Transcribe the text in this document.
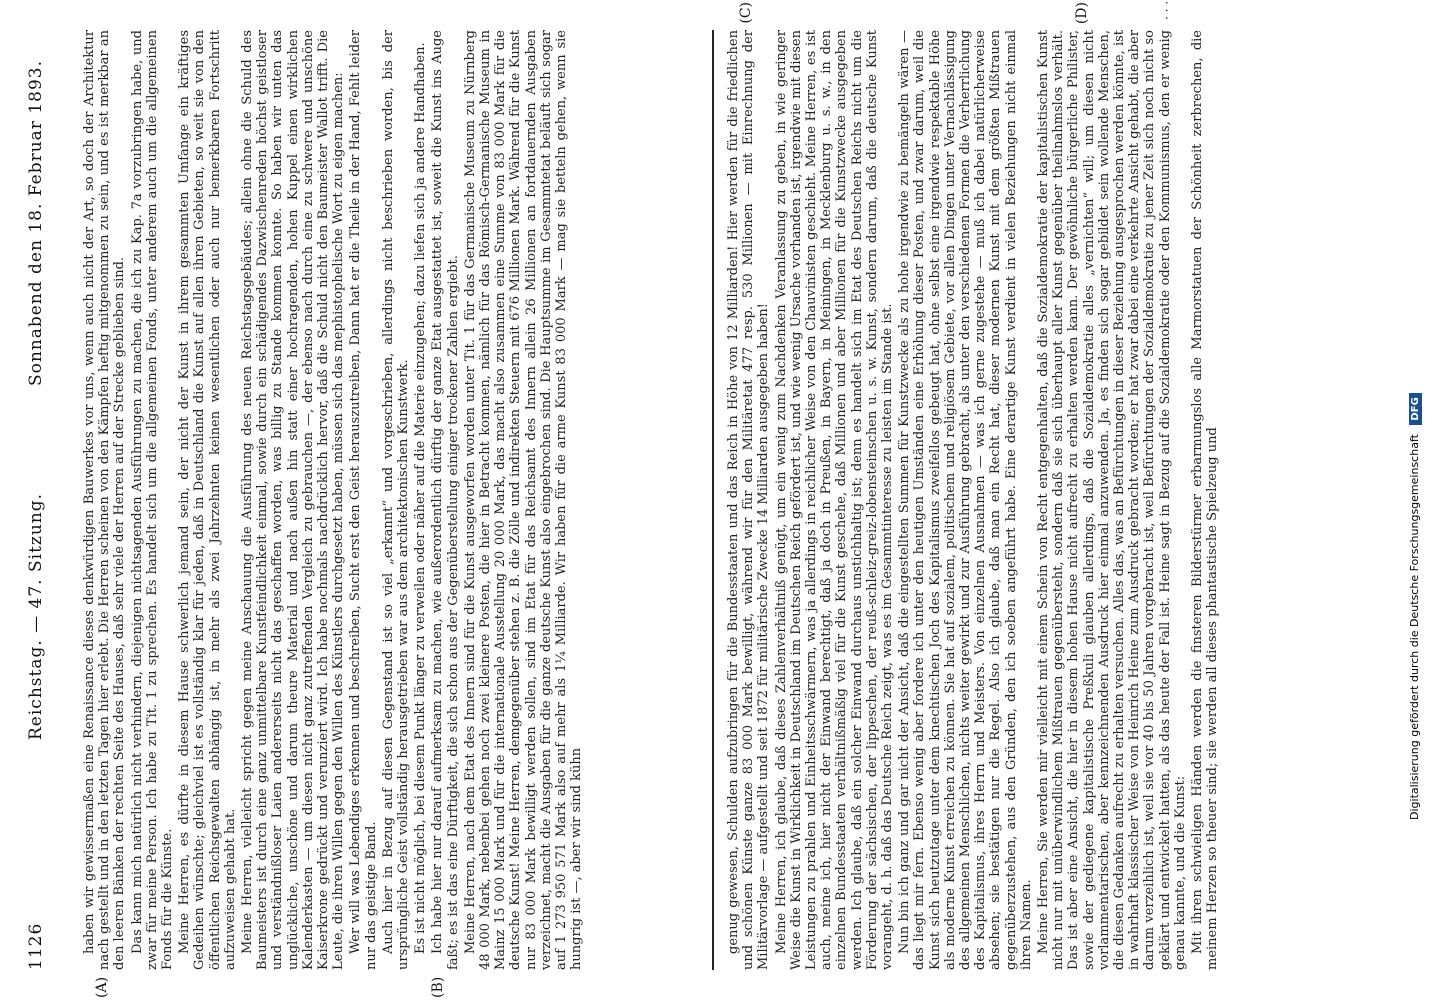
1126
Reichstag. — 47. Sitzung.
Sonnabend den 18. Februar 1893.
(A)	(B)
(C)	(D)

haben wir gewissermaßen eine Renaissance dieses denkwürdigen Bauwerkes vor uns, wenn auch nicht der Art, so doch der Architektur nach gestellt und in den letzten Tagen hier erlebt. Die Herren scheinen von den Kämpfen heftig mitgenommen zu sein, und es ist merkbar an den leeren Bänken der rechten Seite des Hauses, daß sehr viele der Herren auf der Strecke geblieben sind. Das kann mich natürlich nicht verhindern, diejenigen nichtsagenden Ausführungen zu machen, die ich zu Kap. 7a vorzubringen habe, und zwar für meine Person. Ich habe zu Tit. 1 zu sprechen. Es handelt sich um die allgemeinen Fonds, unter anderem auch um die allgemeinen Fonds für die Künste. Meine Herren, es dürfte in diesem Hause schwerlich jemand sein, der nicht der Kunst in ihrem gesammten Umfange ein kräftiges Gedeihen wünschte; gleichviel ist es vollständig klar für jeden, daß in Deutschland die Kunst auf allen ihren Gebieten, so weit sie von den öffentlichen Reichsgewalten abhängig ist, in mehr als zwei Jahrzehnten keinen wesentlichen oder auch nur bemerkbaren Fortschritt aufzuweisen gehabt hat. Meine Herren, vielleicht spricht gegen meine Anschauung die Ausführung des neuen Reichstagsgebäudes; allein ohne die Schuld des Baumeisters ist durch eine ganz unmittelbare Kunstfeindlichkeit einmal, sowie durch ein schädigendes Dazwischenreden höchst geistloser und verständnißloser Laien andererseits nicht das geschaffen worden, was billig zu Stande kommen konnte. So haben wir unten das unglückliche, unschöne und darum theure Material und nach außen hin statt einer hochragenden, hohen Kuppel einen wirklichen Kalenderkasten — um diesen nicht ganz zutreffenden Vergleich zu gebrauchen —, der ebenso nach durch eine zu schwere und unschöne Kaiserkrone gedrückt und verunziert wird. Ich habe nochmals nachdrücklich hervor, daß die Schuld nicht den Baumeister Wallot trifft. Die Leute, die ihren Willen gegen den Willen des Künstlers durchgesetzt haben, müssen sich das mephistophelische Wort zu eigen machen: Wer will was Lebendiges erkennen und beschreiben, Sucht erst den Geist herauszutreiben, Dann hat er die Theile in der Hand, Fehlt leider nur das geistige Band. Auch hier in Bezug auf diesen Gegenstand ist so viel „erkannt“ und vorgeschrieben, allerdings nicht beschrieben worden, bis der ursprüngliche Geist vollständig herausgetrieben war aus dem architektonischen Kunstwerk. Es ist nicht möglich, bei diesem Punkt länger zu verweilen oder näher auf die Materie einzugehen; dazu liefen sich ja andere Handhaben. Ich habe hier nur darauf aufmerksam zu machen, wie außerordentlich dürftig der ganze Etat ausgestattet ist, soweit die Kunst ins Auge faßt; es ist das eine Dürftigkeit, die sich schon aus der Gegenüberstellung einiger trockener Zahlen ergiebt. Meine Herren, nach dem Etat des Innern sind für die Kunst ausgeworfen worden unter Tit. 1 für das Germanische Museum zu Nürnberg 48 000 Mark, nebenbei gehen noch zwei kleinere Posten, die hier in Betracht kommen, nämlich für das Römisch-Germanische Museum in Mainz 15 000 Mark und für die internationale Ausstellung 20 000 Mark, das macht also zusammen eine Summe von 83 000 Mark für die deutsche Kunst! Meine Herren, demgegenüber stehen z. B. die Zölle und indirekten Steuern mit 676 Millionen Mark. Während für die Kunst nur 83 000 Mark bewilligt werden sollen, sind im Etat für das Reichsamt des Innern allein 26 Millionen an fortdauernden Ausgaben verzeichnet, macht die Ausgaben für die ganze deutsche Kunst also eingebrochen sind. Die Hauptsumme im Gesammtetat beläuft sich sogar auf 1 273 950 571 Mark also auf mehr als 1¼ Milliarde. Wir haben für die arme Kunst 83 000 Mark — mag sie betteln gehen, wenn sie hungrig ist —, aber wir sind kühn	genug gewesen, Schulden aufzubringen für die Bundesstaaten und das Reich in Höhe von 12 Milliarden! Hier werden für die friedlichen und schönen Künste ganze 83 000 Mark bewilligt, während wir für den Militäretat 477 resp. 530 Millionen — mit Einrechnung der Militärvorlage — aufgestellt und seit 1872 für militärische Zwecke 14 Milliarden ausgegeben haben! Meine Herren, ich glaube, daß dieses Zahlenverhältniß genügt, um ein wenig zum Nachdenken Veranlassung zu geben, in wie geringer Weise die Kunst in Wirklichkeit in Deutschland im Deutschen Reich gefördert ist, und wie wenig Ursache vorhanden ist, irgendwie mit diesen Leistungen zu prahlen und Einheitsschwärmern, was ja allerdings in reichlicher Weise von den Chauvinisten geschieht. Meine Herren, es ist auch, meine ich, hier nicht der Einwand berechtigt, daß ja doch in Preußen, in Bayern, in Meiningen, in Mecklenburg u. s. w., in den einzelnen Bundesstaaten verhältnißmäßig viel für die Kunst geschehe, daß Millionen und aber Millionen für die Kunstzwecke ausgegeben werden. Ich glaube, daß ein solcher Einwand durchaus unstichhaltig ist; denn es handelt sich im Etat des Deutschen Reichs nicht um die Förderung der sächsischen, der lippeschen, der reuß-schleiz-greiz-lobensteinschen u. s. w. Kunst, sondern darum, daß die deutsche Kunst vorangeht, d. h. daß das Deutsche Reich zeigt, was es im Gesammtinteresse zu leisten im Stande ist. Nun bin ich ganz und gar nicht der Ansicht, daß die eingestellten Summen für Kunstzwecke als zu hohe irgendwie zu bemängeln wären — das liegt mir fern. Ebenso wenig aber fordere ich unter den heutigen Umständen eine Erhöhung dieser Posten, und zwar darum, weil die Kunst sich heutzutage unter dem knechtischen Joch des Kapitalismus zweifellos gebeugt hat, ohne selbst eine irgendwie respektable Höhe als moderne Kunst erreichen zu können. Sie hat auf sozialem, politischem und religiösem Gebiete, vor allen Dingen unter Vernachlässigung des allgemeinen Menschlichen, nichts weiter gewirkt und zur Ausführung gebracht, als unter den verschiedenen Formen die Verherrlichung des Kapitalismus, ihres Herrn und Meisters. Von einzelnen Ausnahmen — was ich gerne zugestehe — muß ich dabei natürlicherweise absehen; sie bestätigen nur die Regel. Also ich glaube, daß man ein Recht hat, dieser modernen Kunst mit dem größten Mißtrauen gegenüberzustehen, aus den Gründen, den ich soeben angeführt habe. Eine derartige Kunst verdient in vielen Beziehungen nicht einmal ihren Namen. Meine Herren, Sie werden mir vielleicht mit einem Schein von Recht entgegenhalten, daß die Sozialdemokratie der kapitalistischen Kunst nicht nur mit unüberwindlichem Mißtrauen gegenübersteht, sondern daß sie sich überhaupt aller Kunst gegenüber theilnahmslos verhält. Das ist aber eine Ansicht, die hier in diesem hohen Hause nicht aufrecht zu erhalten werden kann. Der gewöhnliche bürgerliche Philister, sowie der gediegene kapitalistische Preßkuli glauben allerdings, daß die Sozialdemokratie alles „vernichten“ will; um diesen nicht vorlammentarischen, aber kennzeichnenden Ausdruck hier einmal anzuwenden. Ja, es finden sich sogar gebildet sein wollende Menschen, die diesen Gedanken aufrecht zu erhalten versuchen. Alles das, was an Befürchtungen in dieser Beziehung ausgesprochen werden könnte, ist in wahrhaft klassischer Weise von Heinrich Heine zum Ausdruck gebracht worden; er hat zwar dabei eine verkehrte Ansicht gehabt, die aber darum verzeihlich ist, weil sie vor 40 bis 50 Jahren vorgebracht ist, weil Befürchtungen der Sozialdemokratie zu jener Zeit sich noch nicht so geklärt und entwickelt hatten, als das heute der Fall ist. Heine sagt in Bezug auf die Sozialdemokratie oder den Kommunismus, den er wenig genau kannte, und die Kunst: Mit ihren schwieligen Händen werden die finsteren Bilderstürmer erbarmungslos alle Marmorstatuen der Schönheit zerbrechen, die meinem Herzen so theuer sind; sie werden all dieses phantastische Spielzeug und

· · ·
Digitalisierung gefördert durch die Deutsche Forschungsgemeinschaft DFG
